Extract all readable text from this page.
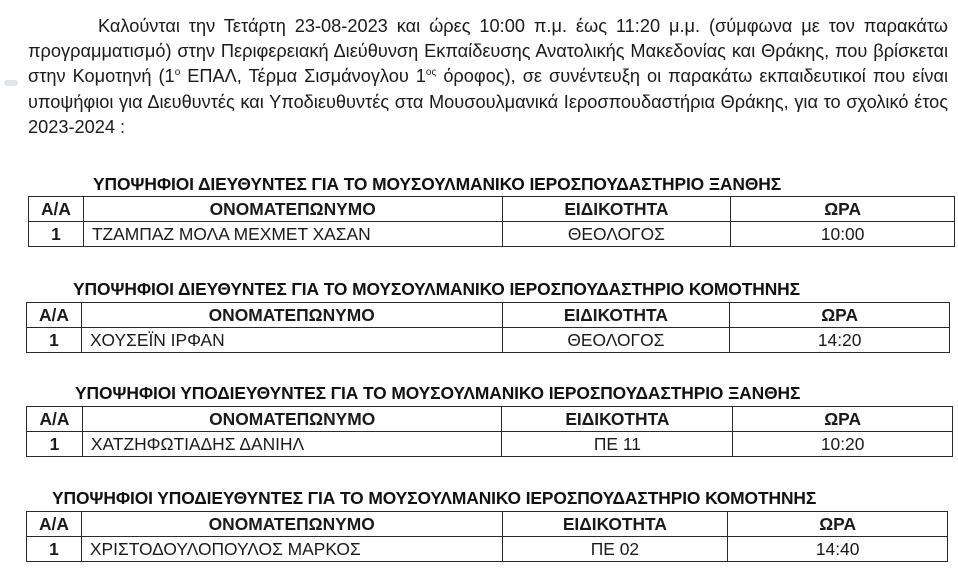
Καλούνται την Τετάρτη 23-08-2023 και ώρες 10:00 π.μ. έως 11:20 μ.μ. (σύμφωνα με τον παρακάτω προγραμματισμό) στην Περιφερειακή Διεύθυνση Εκπαίδευσης Ανατολικής Μακεδονίας και Θράκης, που βρίσκεται στην Κομοτηνή ($1^o$ ΕΠΑΛ, Τέρμα Σισμάνογλου $1^{o\varsigma}$ όροφος), σε συνέντευξη οι παρακάτω εκπαιδευτικοί που είναι υποψήφιοι για Διευθυντές και Υποδιευθυντές στα Μουσουλμανικά Ιεροσπουδαστήρια Θράκης, για το σχολικό έτος 2023-2024 :

ΥΠΟΨΗΦΙΟΙ ΔΙΕΥΘΥΝΤΕΣ ΓΙΑ ΤΟ ΜΟΥΣΟΥΛΜΑΝΙΚΟ ΙΕΡΟΣΠΟΥΔΑΣΤΗΡΙΟ ΞΑΝΘΗΣ
Α/Α	ΟΝΟΜΑΤΕΠΩΝΥΜΟ	ΕΙΔΙΚΟΤΗΤΑ	ΩΡΑ
1	ΤΖΑΜΠΑΖ ΜΟΛΑ ΜΕΧΜΕΤ ΧΑΣΑΝ	ΘΕΟΛΟΓΟΣ	10:00
ΥΠΟΨΗΦΙΟΙ ΔΙΕΥΘΥΝΤΕΣ ΓΙΑ ΤΟ ΜΟΥΣΟΥΛΜΑΝΙΚΟ ΙΕΡΟΣΠΟΥΔΑΣΤΗΡΙΟ ΚΟΜΟΤΗΝΗΣ
Α/Α	ΟΝΟΜΑΤΕΠΩΝΥΜΟ	ΕΙΔΙΚΟΤΗΤΑ	ΩΡΑ
1	ΧΟΥΣΕΪΝ ΙΡΦΑΝ	ΘΕΟΛΟΓΟΣ	14:20
ΥΠΟΨΗΦΙΟΙ ΥΠΟΔΙΕΥΘΥΝΤΕΣ ΓΙΑ ΤΟ ΜΟΥΣΟΥΛΜΑΝΙΚΟ ΙΕΡΟΣΠΟΥΔΑΣΤΗΡΙΟ ΞΑΝΘΗΣ
Α/Α	ΟΝΟΜΑΤΕΠΩΝΥΜΟ	ΕΙΔΙΚΟΤΗΤΑ	ΩΡΑ
1	ΧΑΤΖΗΦΩΤΙΑΔΗΣ ΔΑΝΙΗΛ	ΠΕ 11	10:20
ΥΠΟΨΗΦΙΟΙ ΥΠΟΔΙΕΥΘΥΝΤΕΣ ΓΙΑ ΤΟ ΜΟΥΣΟΥΛΜΑΝΙΚΟ ΙΕΡΟΣΠΟΥΔΑΣΤΗΡΙΟ ΚΟΜΟΤΗΝΗΣ
Α/Α	ΟΝΟΜΑΤΕΠΩΝΥΜΟ	ΕΙΔΙΚΟΤΗΤΑ	ΩΡΑ
1	ΧΡΙΣΤΟΔΟΥΛΟΠΟΥΛΟΣ ΜΑΡΚΟΣ	ΠΕ 02	14:40
